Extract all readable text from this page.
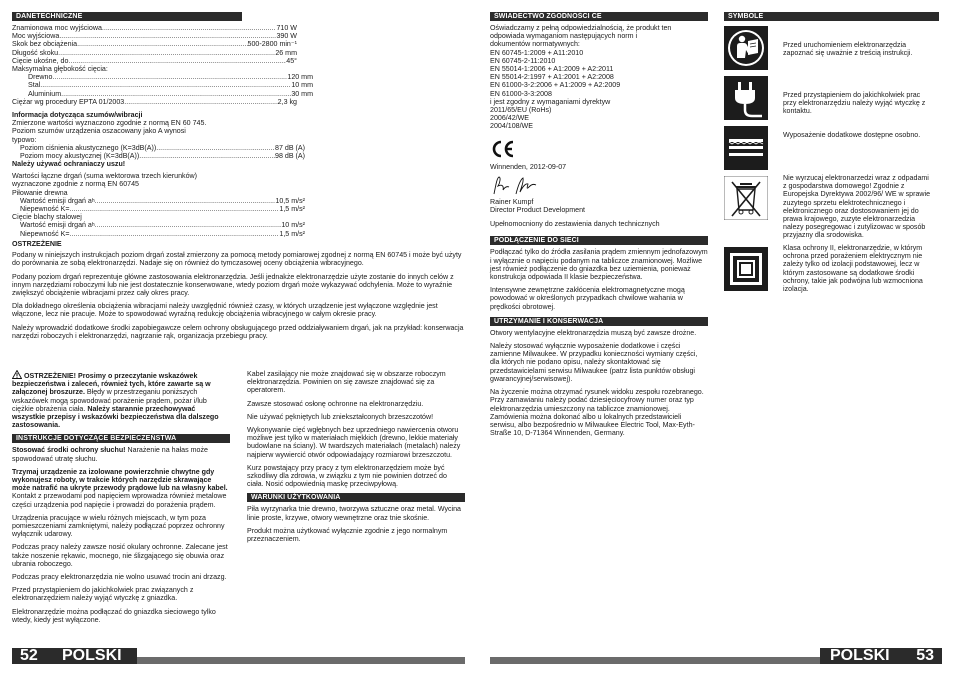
DANETECHNICZNE
Znamionowa moc wyjściowa .....	710 W
Moc wyjściowa .....	390 W
Skok bez obciążenia .....	500-2800 min⁻¹
Długość skoku .....	26 mm
Cięcie ukośne, do .....	45°
Maksymalna głębokość cięcia:
Drewno .....	120 mm
Stal .....	10 mm
Aluminium .....	30 mm
Ciężar wg procedury EPTA 01/2003 .....	2,3 kg
Informacja dotycząca szumów/wibracji
Zmierzone wartości wyznaczono zgodnie z normą EN 60 745.
Poziom szumów urządzenia oszacowany jako A wynosi
typowo:
Poziom ciśnienia akustycznego (K=3dB(A)) .....	87 dB (A)
Poziom mocy akustycznej (K=3dB(A)) .....	98 dB (A)
Należy używać ochraniaczy uszu!
Wartości łączne drgań (suma wektorowa trzech kierunków)
wyznaczone zgodnie z normą EN 60745
Piłowanie drewna
Wartość emisji drgań a h .....	10,5 m/s²
Niepewność K= .....	1,5 m/s²
Cięcie blachy stalowej
Wartość emisji drgań a h .....	10 m/s²
Niepewność K= .....	1,5 m/s²
OSTRZEŻENIE
Podany w niniejszych instrukcjach poziom drgań został zmierzony za pomocą metody pomiarowej zgodnej z normą EN 60745 i może być użyty do porównania ze sobą elektronarzędzi. Nadaje się on również do tymczasowej oceny obciążenia wibracyjnego.
Podany poziom drgań reprezentuje główne zastosowania elektronarzędzia. Jeśli jednakże elektronarzędzie użyte zostanie do innych celów z innym narzędziami roboczymi lub nie jest dostatecznie konserwowane, wtedy poziom drgań może wykazywać odchylenia. Może to wyraźnie zwiększyć obciążenie wibracjami przez cały okres pracy.
Dla dokładnego określenia obciążenia wibracjami należy uwzględnić również czasy, w których urządzenie jest wyłączone względnie jest włączone, lecz nie pracuje. Może to spowodować wyraźną redukcję obciążenia wibracyjnego w całym okresie pracy.
Należy wprowadzić dodatkowe środki zapobiegawcze celem ochrony obsługującego przed oddziaływaniem drgań, jak na przykład: konserwacja narzędzi roboczych i elektronarzędzi, nagrzanie rąk, organizacja przebiegu pracy.
OSTRZEŻENIE! Prosimy o przeczytanie wskazówek bezpieczeństwa i zaleceń, również tych, które zawarte są w załączonej broszurze. Błędy w przestrzeganiu poniższych wskazówek mogą spowodować porażenie prądem, pożar i/lub ciężkie obrażenia ciała. Należy starannie przechowywać wszystkie przepisy i wskazówki bezpieczeństwa dla dalszego zastosowania.
INSTRUKCJE DOTYCZĄCE BEZPIECZEŃSTWA
Stosować środki ochrony słuchu! Narażenie na hałas może spowodować utratę słuchu.
Trzymaj urządzenie za izolowane powierzchnie chwytne gdy wykonujesz roboty, w trakcie których narzędzie skrawające może natrafić na ukryte przewody prądowe lub na własny kabel. Kontakt z przewodami pod napięciem wprowadza również metalowe części urządzenia pod napięcie i prowadzi do porażenia prądem.
Urządzenia pracujące w wielu różnych miejscach, w tym poza pomieszczeniami zamkniętymi, należy podłączać poprzez ochronny wyłącznik udarowy.
Podczas pracy należy zawsze nosić okulary ochronne. Zalecane jest także noszenie rękawic, mocnego, nie ślizgającego się obuwia oraz ubrania roboczego.
Podczas pracy elektronarzędzia nie wolno usuwać trocin ani drzazg.
Przed przystąpieniem do jakichkolwiek prac związanych z elektronarzędziem należy wyjąć wtyczkę z gniazdka.
Elektronarzędzie można podłączać do gniazdka sieciowego tylko wtedy, kiedy jest wyłączone.
Kabel zasilający nie może znajdować się w obszarze roboczym elektronarzędzia. Powinien on się zawsze znajdować się za operatorem.
Zawsze stosować osłonę ochronne na elektronarzędziu.
Nie używać pękniętych lub zniekształconych brzeszczotów!
Wykonywanie cięć wgłębnych bez uprzedniego nawiercenia otworu możliwe jest tylko w materiałach miękkich (drewno, lekkie materiały budowlane na ściany). W twardszych materiałach (metalach) należy najpierw wywiercić otwór odpowiadający rozmiarowi brzeszczotu.
Kurz powstający przy pracy z tym elektronarzędziem może być szkodliwy dla zdrowia, w związku z tym nie powinien dotrzeć do ciała. Nosić odpowiednią maskę przeciwpyłową.
WARUNKI UŻYTKOWANIA
Piła wyrzynarka tnie drewno, tworzywa sztuczne oraz metal. Wycina linie proste, krzywe, otwory wewnętrzne oraz tnie skośnie.
Produkt można użytkować wyłącznie zgodnie z jego normalnym przeznaczeniem.
52 POLSKI
ŚWIADECTWO ZGODNOŚCI CE
Oświadczamy z pełną odpowiedzialnością, że produkt ten
odpowiada wymaganiom następujących norm i
dokumentów normatywnych:
EN 60745-1:2009 + A11:2010
EN 60745-2-11:2010
EN 55014-1:2006 + A1:2009 + A2:2011
EN 55014-2:1997 + A1:2001 + A2:2008
EN 61000-3-2:2006 + A1:2009 + A2:2009
EN 61000-3-3:2008
i jest zgodny z wymaganiami dyrektyw
2011/65/EU (RoHs)
2006/42/WE
2004/108/WE
Winnenden, 2012-09-07
Rainer Kumpf
Director Product Development
Upełnomocniony do zestawienia danych technicznych
PODŁĄCZENIE DO SIECI
Podłączać tylko do źródła zasilania prądem zmiennym jednofazowym i wyłącznie o napięciu podanym na tabliczce znamionowej. Możliwe jest również podłączenie do gniazdka bez uziemienia, ponieważ konstrukcja odpowiada II klasie bezpieczeństwa.
Intensywne zewnętrzne zakłócenia elektromagnetyczne mogą powodować w określonych przypadkach chwilowe wahania w prędkości obrotowej.
UTRZYMANIE I KONSERWACJA
Otwory wentylacyjne elektronarzędzia muszą być zawsze drożne.
Należy stosować wyłącznie wyposażenie dodatkowe i części zamienne Milwaukee. W przypadku konieczności wymiany części, dla których nie podano opisu, należy skontaktować się przedstawicielami serwisu Milwaukee (patrz lista punktów obsługi gwarancyjnej/serwisowej).
Na życzenie można otrzymać rysunek widoku zespołu rozebranego. Przy zamawianiu należy podać dziesięciocyfrowy numer oraz typ elektronarzędzia umieszczony na tabliczce znamionowej. Zamówienia można dokonać albo u lokalnych przedstawicieli serwisu, albo bezpośrednio w Milwaukee Electric Tool, Max-Eyth-Straße 10, D-71364 Winnenden, Germany.
SYMBOLE
Przed uruchomieniem elektronarzędzia zapoznać się uważnie z treścią instrukcji.
Przed przystąpieniem do jakichkolwiek prac przy elektronarzędziu należy wyjąć wtyczkę z kontaktu.
Wyposażenie dodatkowe dostępne osobno.
Nie wyrzucaj elektronarzedzi wraz z odpadami z gospodarstwa domowego! Zgodnie z Europejska Dyrektywa 2002/96/ WE w sprawie zuzytego sprzetu elektrotechnicznego i elektronicznego oraz dostosowaniem jej do prawa krajowego, zuzyte elektronarzedzia nalezy posegregowac i zutylizowac w sposób przyjazny dla srodowiska.
Klasa ochrony II, elektronarzędzie, w którym ochrona przed porażeniem elektrycznym nie zależy tylko od izolacji podstawowej, lecz w którym zastosowane są dodatkowe środki ochrony, takie jak podwójna lub wzmocniona izolacja.
POLSKI 53
